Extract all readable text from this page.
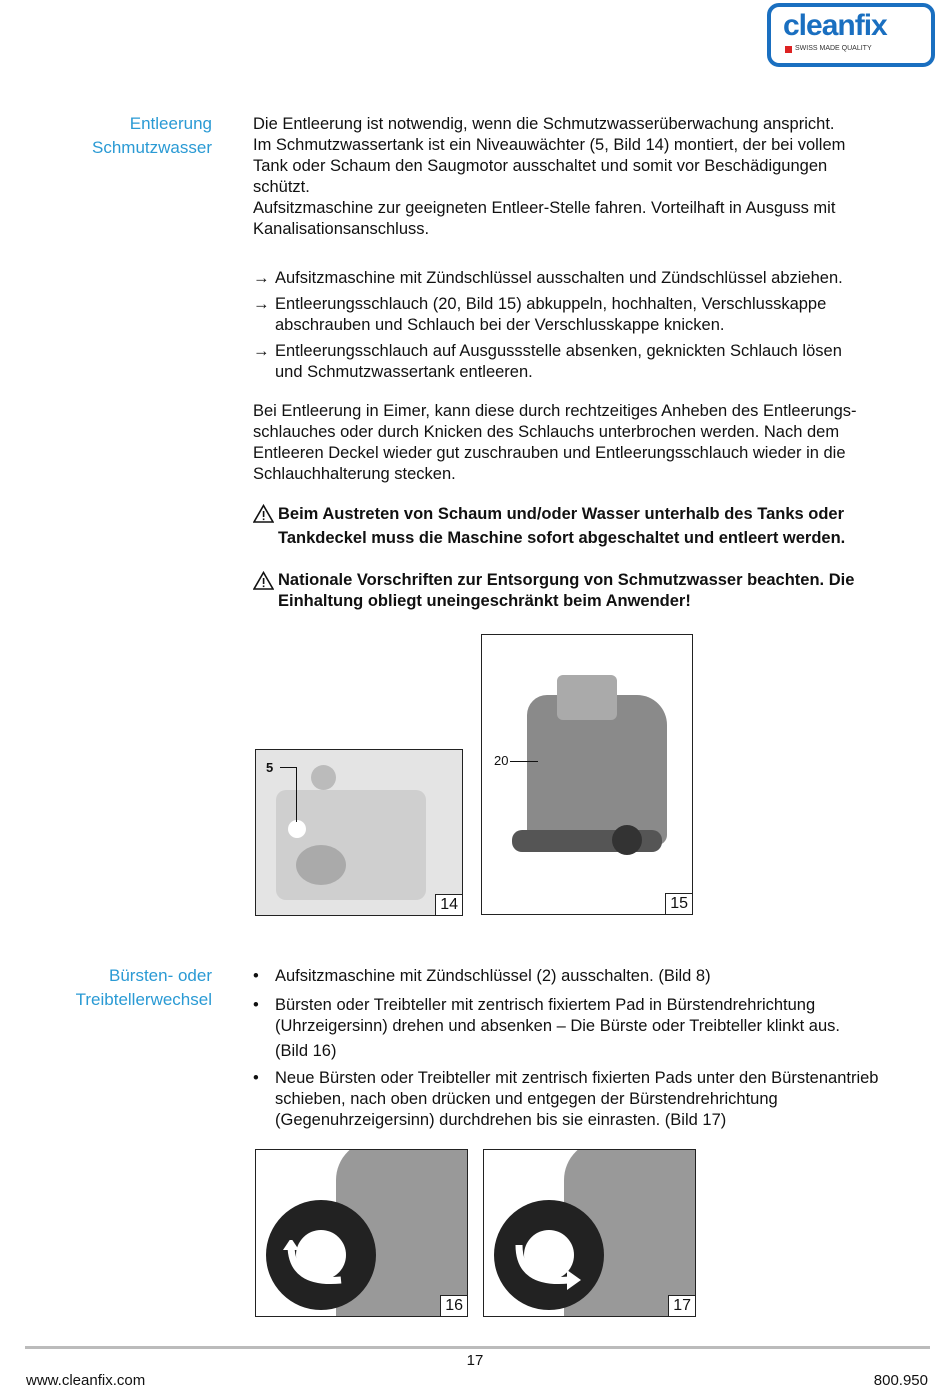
cleanfix
SWISS MADE QUALITY
Entleerung
Schmutzwasser
Die Entleerung ist notwendig, wenn die Schmutzwasserüberwachung anspricht.
Im Schmutzwassertank ist ein Niveauwächter (5, Bild 14) montiert, der bei vollem
Tank oder Schaum den Saugmotor ausschaltet und somit vor Beschädigungen
schützt.
Aufsitzmaschine zur geeigneten Entleer-Stelle fahren. Vorteilhaft in Ausguss mit
Kanalisationsanschluss.
→ Aufsitzmaschine mit Zündschlüssel ausschalten und Zündschlüssel abziehen.
→ Entleerungsschlauch (20, Bild 15) abkuppeln, hochhalten, Verschlusskappe
abschrauben und Schlauch bei der Verschlusskappe knicken.
→ Entleerungsschlauch auf Ausgussstelle absenken, geknickten Schlauch lösen
und Schmutzwassertank entleeren.
Bei Entleerung in Eimer, kann diese durch rechtzeitiges Anheben des Entleerungs-
schlauches oder durch Knicken des Schlauchs unterbrochen werden. Nach dem
Entleeren Deckel wieder gut zuschrauben und Entleerungsschlauch wieder in die
Schlauchhalterung stecken.
Beim Austreten von Schaum und/oder Wasser unterhalb des Tanks oder
Tankdeckel muss die Maschine sofort abgeschaltet und entleert werden.
Nationale Vorschriften zur Entsorgung von Schmutzwasser beachten. Die
Einhaltung obliegt uneingeschränkt beim Anwender!
5
14
20
15
Bürsten- oder
Treibtellerwechsel
• Aufsitzmaschine mit Zündschlüssel (2) ausschalten. (Bild 8)
• Bürsten oder Treibteller mit zentrisch fixiertem Pad in Bürstendrehrichtung
(Uhrzeigersinn) drehen und absenken – Die Bürste oder Treibteller klinkt aus.
(Bild 16)
• Neue Bürsten oder Treibteller mit zentrisch fixierten Pads unter den Bürstenantrieb
schieben, nach oben drücken und entgegen der Bürstendrehrichtung
(Gegenuhrzeigersinn) durchdrehen bis sie einrasten. (Bild 17)
16	17
17
www.cleanfix.com	800.950
